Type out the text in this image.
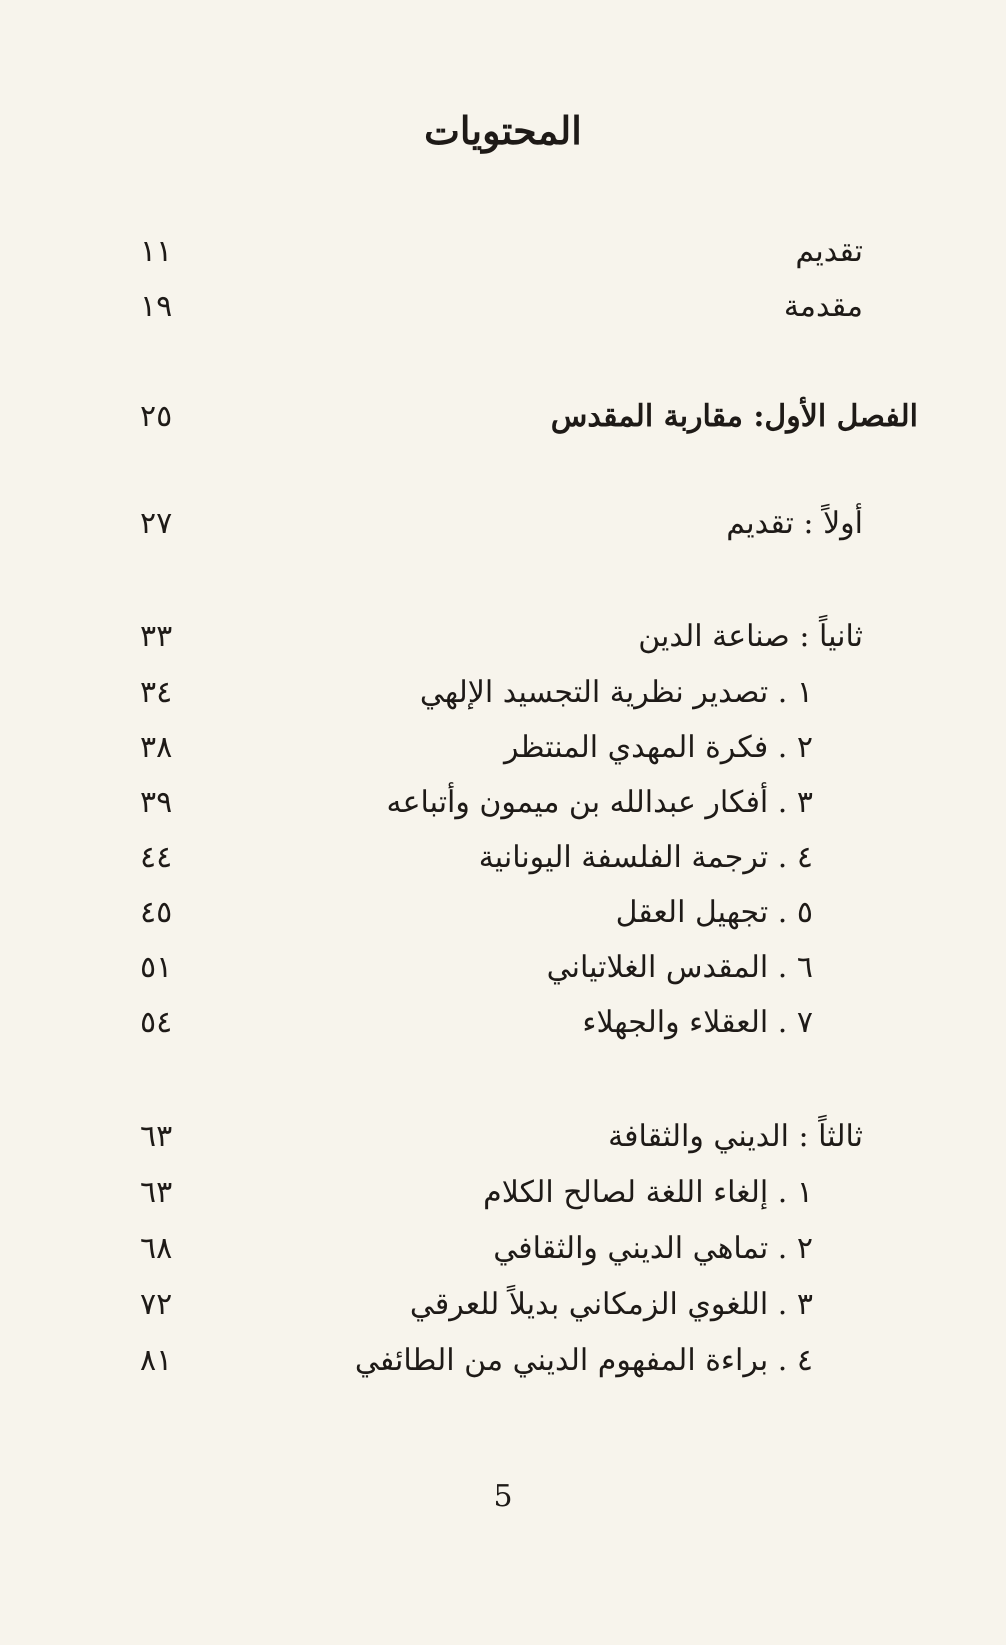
المحتويات
تقديم
١١
مقدمة
١٩
الفصل الأول: مقاربة المقدس
٢٥
أولاً : تقديم
٢٧
ثانياً : صناعة الدين
٣٣
١ . تصدير نظرية التجسيد الإلهي
٣٤
٢ . فكرة المهدي المنتظر
٣٨
٣ . أفكار عبدالله بن ميمون وأتباعه
٣٩
٤ . ترجمة الفلسفة اليونانية
٤٤
٥ . تجهيل العقل
٤٥
٦ . المقدس الغلاتياني
٥١
٧ . العقلاء والجهلاء
٥٤
ثالثاً : الديني والثقافة
٦٣
١ . إلغاء اللغة لصالح الكلام
٦٣
٢ . تماهي الديني والثقافي
٦٨
٣ . اللغوي الزمكاني بديلاً للعرقي
٧٢
٤ . براءة المفهوم الديني من الطائفي
٨١
5
